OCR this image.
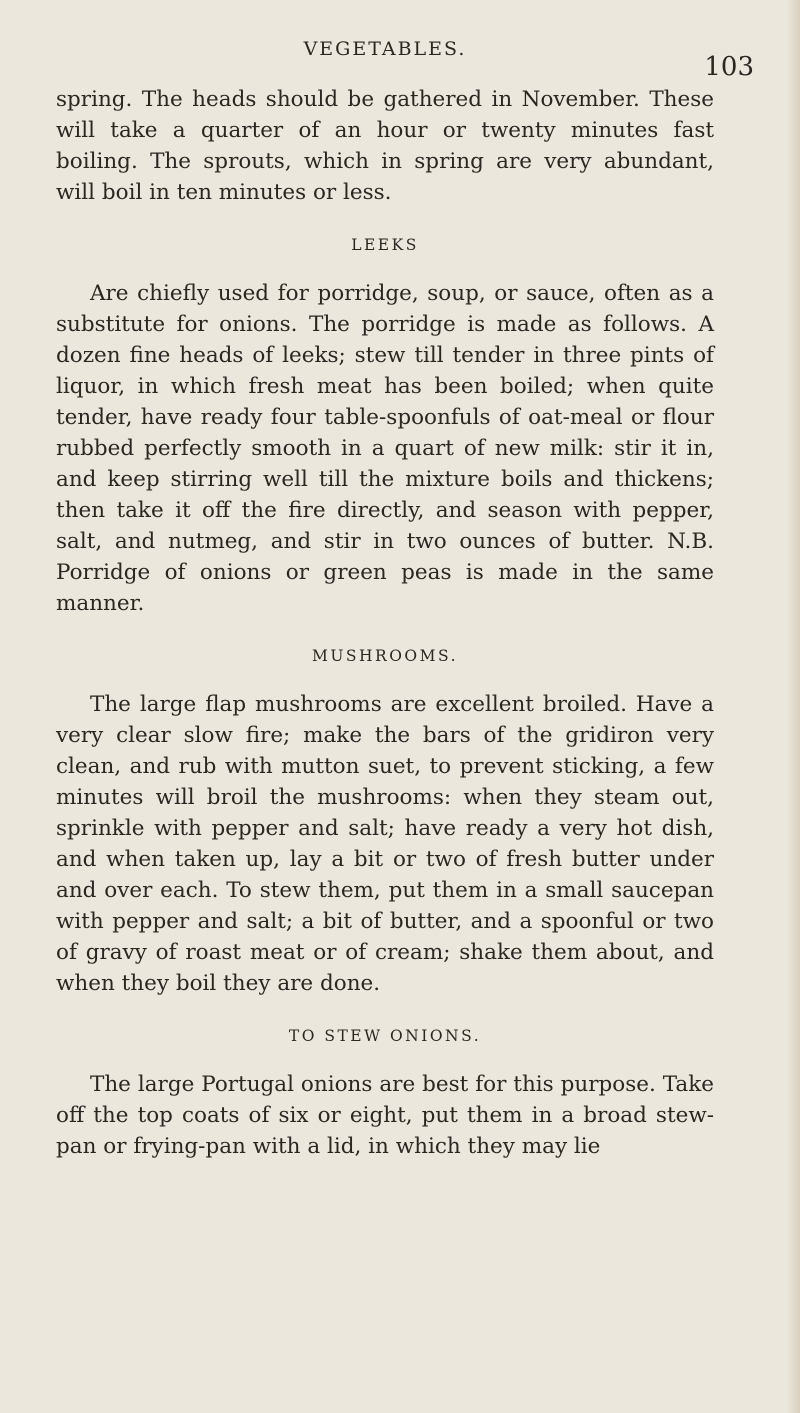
VEGETABLES.
103

spring. The heads should be gathered in November. These will take a quarter of an hour or twenty minutes fast boiling. The sprouts, which in spring are very abundant, will boil in ten minutes or less.

LEEKS

Are chiefly used for porridge, soup, or sauce, often as a substitute for onions. The porridge is made as follows. A dozen fine heads of leeks; stew till tender in three pints of liquor, in which fresh meat has been boiled; when quite tender, have ready four table-spoonfuls of oat-meal or flour rubbed perfectly smooth in a quart of new milk: stir it in, and keep stirring well till the mixture boils and thickens; then take it off the fire directly, and season with pepper, salt, and nutmeg, and stir in two ounces of butter. N.B. Porridge of onions or green peas is made in the same manner.

MUSHROOMS.

The large flap mushrooms are excellent broiled. Have a very clear slow fire; make the bars of the gridiron very clean, and rub with mutton suet, to prevent sticking, a few minutes will broil the mushrooms: when they steam out, sprinkle with pepper and salt; have ready a very hot dish, and when taken up, lay a bit or two of fresh butter under and over each. To stew them, put them in a small saucepan with pepper and salt; a bit of butter, and a spoonful or two of gravy of roast meat or of cream; shake them about, and when they boil they are done.

TO STEW ONIONS.

The large Portugal onions are best for this purpose. Take off the top coats of six or eight, put them in a broad stew-pan or frying-pan with a lid, in which they may lie
